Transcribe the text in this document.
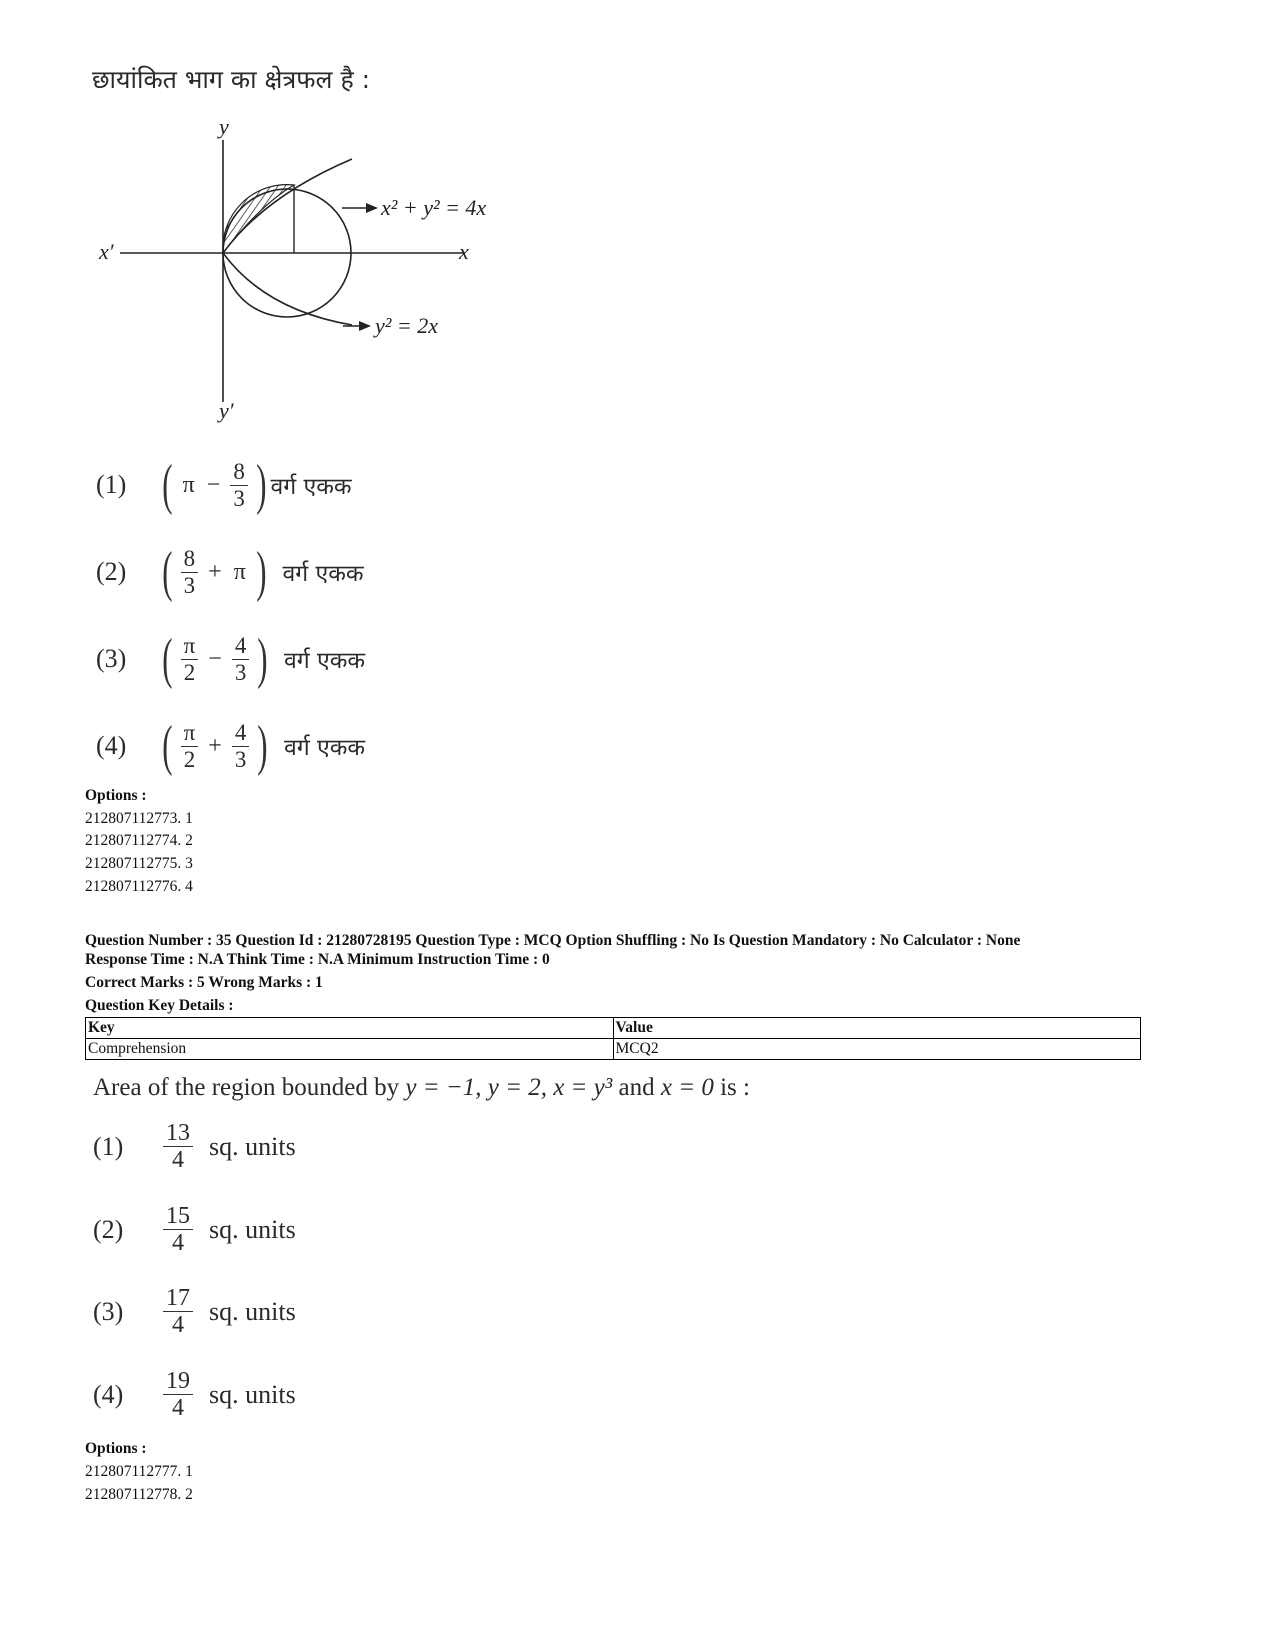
छायांकित भाग का क्षेत्रफल है :
y
y′
x′	x
x² + y² = 4x
y² = 2x
(1) ( $\pi - \frac{8}{3}$ ) वर्ग एकक
(2) ( $\frac{8}{3} + \pi$ ) वर्ग एकक
(3) ( $\frac{\pi}{2} - \frac{4}{3}$ ) वर्ग एकक
(4) ( $\frac{\pi}{2} + \frac{4}{3}$ ) वर्ग एकक
Options :
212807112773. 1
212807112774. 2
212807112775. 3
212807112776. 4
Question Number : 35 Question Id : 21280728195 Question Type : MCQ Option Shuffling : No Is Question Mandatory : No Calculator : None
Response Time : N.A Think Time : N.A Minimum Instruction Time : 0
Correct Marks : 5 Wrong Marks : 1
Question Key Details :
Key	Value
Comprehension	MCQ2
Area of the region bounded by y = −1, y = 2, x = y³ and x = 0 is :
(1)	$\frac{13}{4}$ sq. units
(2)	$\frac{15}{4}$ sq. units
(3)	$\frac{17}{4}$ sq. units
(4)	$\frac{19}{4}$ sq. units
Options :
212807112777. 1
212807112778. 2
